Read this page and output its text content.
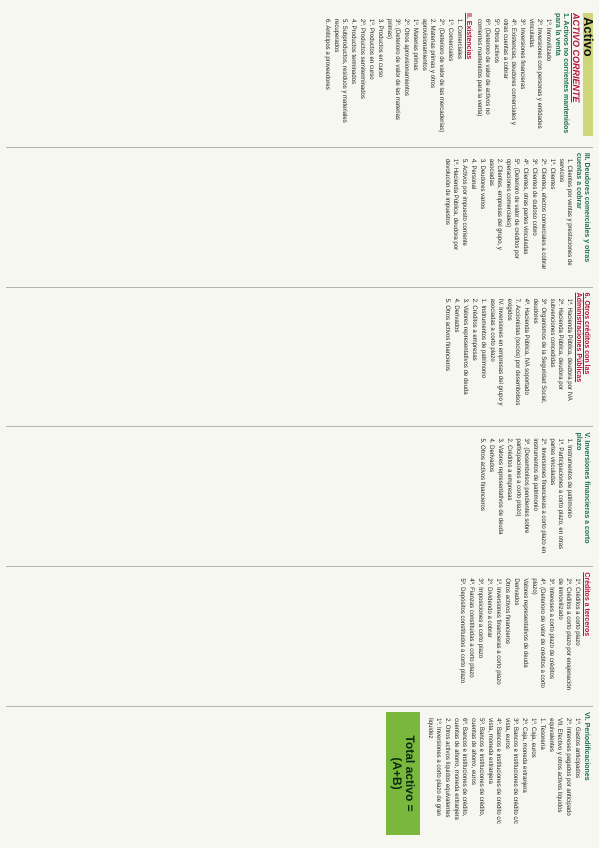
Activo
ACTIVO CORRIENTE
1. Activos no corrientes mantenidos para la venta
1º. Inmovilizado
2º. Inversiones con personas y entidades vinculadas
3º. Inversiones financieras
4º. Existencias, deudores comerciales y otras cuentas a cobrar
5º. Otros activos
6º. (Deterioro de valor de activos no corrientes mantenidos para la venta)
II. Existencias
1. Comerciales
1º. Comerciales
2º. (Deterioro de valor de las mercaderías)
2. Materias primas y otros aprovisionamientos
1º. Materias primas
2º. Otros aprovisionamientos
3º. (Deterioro de valor de las materias primas)
3. Productos en curso
1º. Productos en curso
2º. Productos semiterminados
4. Productos terminados
5. Subproductos, residuos y materiales recuperados
6. Anticipos a proveedores
III. Deudores comerciales y otras cuentas a cobrar
1. Clientes por ventas y prestaciones de servicios
1º. Clientes
2º. Clientes, efectos comerciales a cobrar
3º. Clientes de dudoso cobro
4º. Clientes, otras partes vinculadas
5º. (Deterioro de valor de créditos por operaciones comerciales)
2. Clientes, empresas del grupo, y asociadas
3. Deudores varios
4. Personal
5. Activos por impuesto corriente
1º. Hacienda Pública, deudora por devolución de impuestos
6. Otros créditos con las Administraciones Públicas
1º. Hacienda Pública, deudora por IVA
2º. Hacienda Pública, deudora por subvenciones concedidas
3º. Organismos de la Seguridad Social, deudores
4º. Hacienda Pública, IVA soportado
7. Accionistas (socios) por desembolsos exigidos
IV. Inversiones en empresas del grupo y asociadas a corto plazo
1. Instrumentos de patrimonio
2. Créditos a empresas
3. Valores representativos de deuda
4. Derivados
5. Otros activos financieros
V. Inversiones financieras a corto plazo
1. Instrumentos de patrimonio
1º. Participaciones a corto plazo, en otras partes vinculadas
2º. Inversiones financieras a corto plazo en instrumentos de patrimonio
3º. (Desembolsos pendientes sobre participaciones a corto plazo)
2. Créditos a empresas
3. Valores representativos de deuda
4. Derivados
5. Otros activos financieros
Créditos a terceros
1º. Créditos a corto plazo
2º. Créditos a corto plazo por enajenación de inmovilizado
3º. Intereses a corto plazo de créditos
4º. (Deterioro de valor de créditos a corto plazo)
Valores representativos de deuda
Derivados
Otros activos financieros
1º. Inversiones financieras a corto plazo
2º. Dividendo a cobrar
3º. Imposiciones a corto plazo
4º. Fianzas constituidas a corto plazo
5º. Depósitos constituidos a corto plazo
VI. Periodificaciones
1º. Gastos anticipados
2º. Intereses pagados por anticipado
VII. Efectivo y otros activos líquidos equivalentes
1. Tesorería
1º. Caja, euros
2º. Caja, moneda extranjera
3º. Bancos e instituciones de crédito c/c vista, euros
4º. Bancos e instituciones de crédito c/c vista, moneda extranjera
5º. Bancos e instituciones de crédito, cuentas de ahorro, euros
6º. Bancos e instituciones de crédito, cuentas de ahorro, moneda extranjera
2. Otros activos líquidos equivalentes
1º. Inversiones a corto plazo de gran liquidez
Total activo =
(A+B)
